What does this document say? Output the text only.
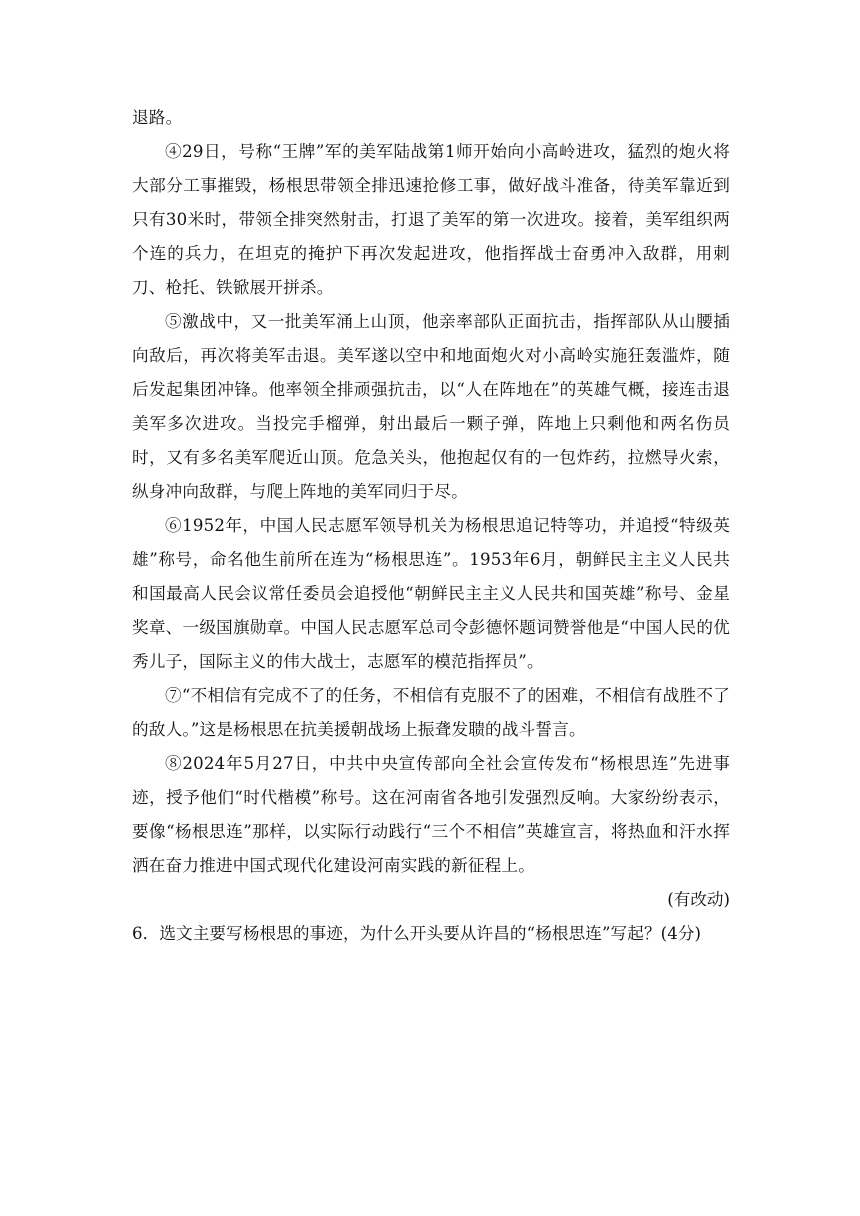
退路。

④29日，号称“王牌”军的美军陆战第1师开始向小高岭进攻，猛烈的炮火将大部分工事摧毁，杨根思带领全排迅速抢修工事，做好战斗准备，待美军靠近到只有30米时，带领全排突然射击，打退了美军的第一次进攻。接着，美军组织两个连的兵力，在坦克的掩护下再次发起进攻，他指挥战士奋勇冲入敌群，用刺刀、枪托、铁锨展开拼杀。

⑤激战中，又一批美军涌上山顶，他亲率部队正面抗击，指挥部队从山腰插向敌后，再次将美军击退。美军遂以空中和地面炮火对小高岭实施狂轰滥炸，随后发起集团冲锋。他率领全排顽强抗击，以“人在阵地在”的英雄气概，接连击退美军多次进攻。当投完手榴弹，射出最后一颗子弹，阵地上只剩他和两名伤员时，又有多名美军爬近山顶。危急关头，他抱起仅有的一包炸药，拉燃导火索，纵身冲向敌群，与爬上阵地的美军同归于尽。

⑥1952年，中国人民志愿军领导机关为杨根思追记特等功，并追授“特级英雄”称号，命名他生前所在连为“杨根思连”。1953年6月，朝鲜民主主义人民共和国最高人民会议常任委员会追授他“朝鲜民主主义人民共和国英雄”称号、金星奖章、一级国旗勋章。中国人民志愿军总司令彭德怀题词赞誉他是“中国人民的优秀儿子，国际主义的伟大战士，志愿军的模范指挥员”。

⑦“不相信有完成不了的任务，不相信有克服不了的困难，不相信有战胜不了的敌人。”这是杨根思在抗美援朝战场上振聋发聩的战斗誓言。

⑧2024年5月27日，中共中央宣传部向全社会宣传发布“杨根思连”先进事迹，授予他们“时代楷模”称号。这在河南省各地引发强烈反响。大家纷纷表示，要像“杨根思连”那样，以实际行动践行“三个不相信”英雄宣言，将热血和汗水挥洒在奋力推进中国式现代化建设河南实践的新征程上。

(有改动)

6．选文主要写杨根思的事迹，为什么开头要从许昌的“杨根思连”写起？(4分)
